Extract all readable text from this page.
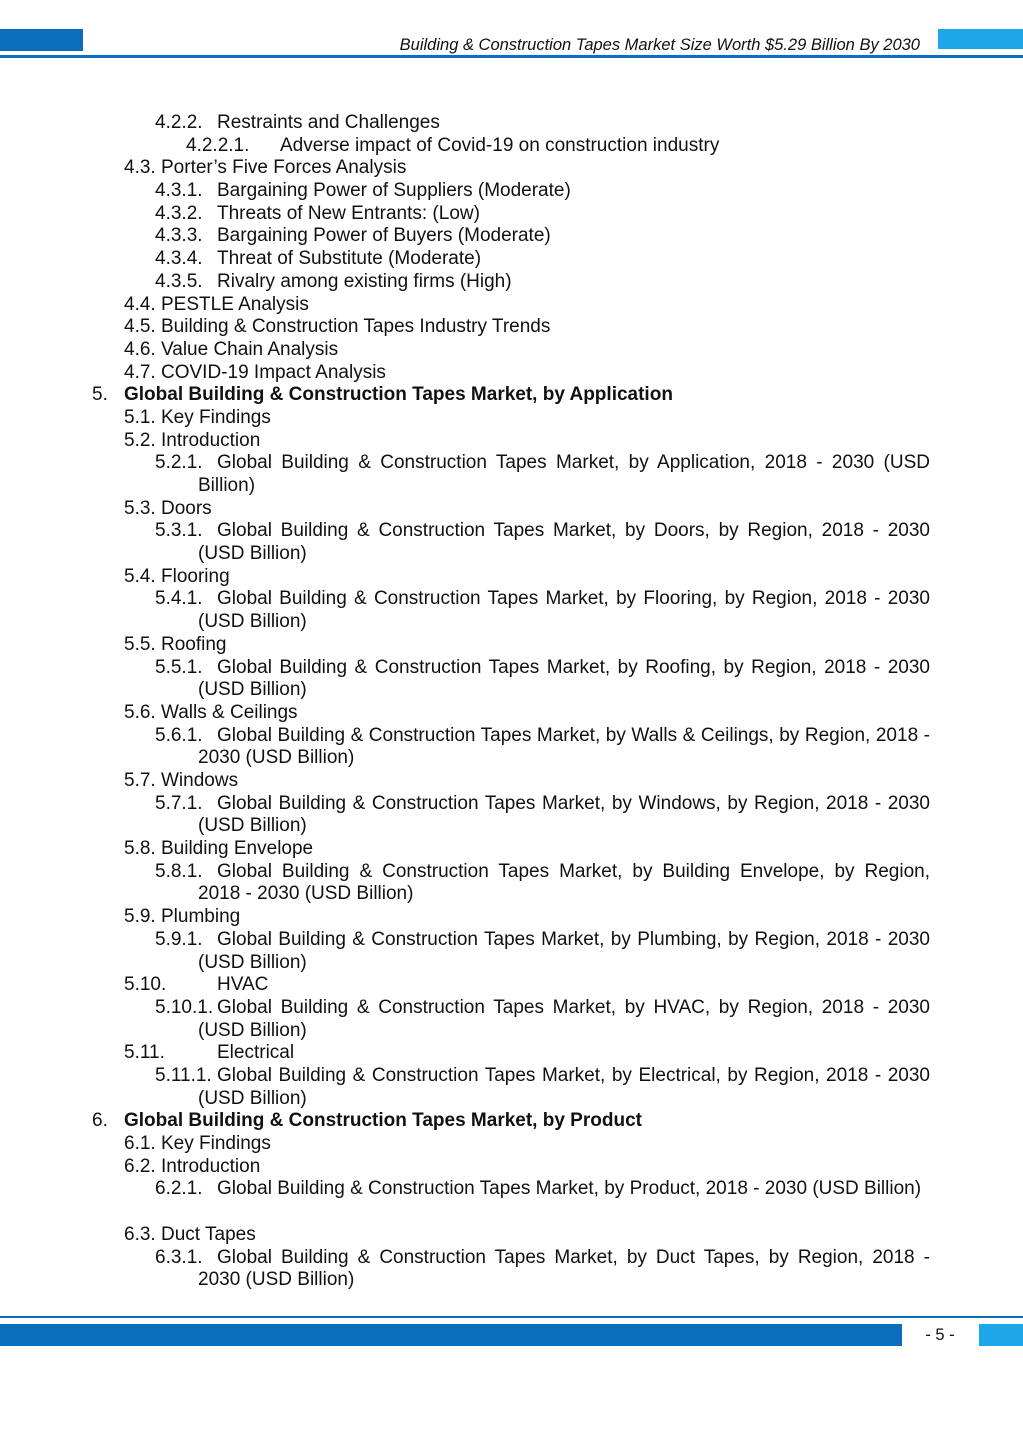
Building & Construction Tapes Market Size Worth $5.29 Billion By 2030
4.2.2. Restraints and Challenges
4.2.2.1. Adverse impact of Covid-19 on construction industry
4.3. Porter’s Five Forces Analysis
4.3.1. Bargaining Power of Suppliers (Moderate)
4.3.2. Threats of New Entrants: (Low)
4.3.3. Bargaining Power of Buyers (Moderate)
4.3.4. Threat of Substitute (Moderate)
4.3.5. Rivalry among existing firms (High)
4.4. PESTLE Analysis
4.5. Building & Construction Tapes Industry Trends
4.6. Value Chain Analysis
4.7. COVID-19 Impact Analysis
5. Global Building & Construction Tapes Market, by Application
5.1. Key Findings
5.2. Introduction
5.2.1. Global Building & Construction Tapes Market, by Application, 2018 - 2030 (USD Billion)
5.3. Doors
5.3.1. Global Building & Construction Tapes Market, by Doors, by Region, 2018 - 2030 (USD Billion)
5.4. Flooring
5.4.1. Global Building & Construction Tapes Market, by Flooring, by Region, 2018 - 2030 (USD Billion)
5.5. Roofing
5.5.1. Global Building & Construction Tapes Market, by Roofing, by Region, 2018 - 2030 (USD Billion)
5.6. Walls & Ceilings
5.6.1. Global Building & Construction Tapes Market, by Walls & Ceilings, by Region, 2018 - 2030 (USD Billion)
5.7. Windows
5.7.1. Global Building & Construction Tapes Market, by Windows, by Region, 2018 - 2030 (USD Billion)
5.8. Building Envelope
5.8.1. Global Building & Construction Tapes Market, by Building Envelope, by Region, 2018 - 2030 (USD Billion)
5.9. Plumbing
5.9.1. Global Building & Construction Tapes Market, by Plumbing, by Region, 2018 - 2030 (USD Billion)
5.10.	HVAC
5.10.1. Global Building & Construction Tapes Market, by HVAC, by Region, 2018 - 2030 (USD Billion)
5.11.	Electrical
5.11.1. Global Building & Construction Tapes Market, by Electrical, by Region, 2018 - 2030 (USD Billion)
6. Global Building & Construction Tapes Market, by Product
6.1. Key Findings
6.2. Introduction
6.2.1. Global Building & Construction Tapes Market, by Product, 2018 - 2030 (USD Billion)
6.3. Duct Tapes
6.3.1. Global Building & Construction Tapes Market, by Duct Tapes, by Region, 2018 - 2030 (USD Billion)
- 5 -
